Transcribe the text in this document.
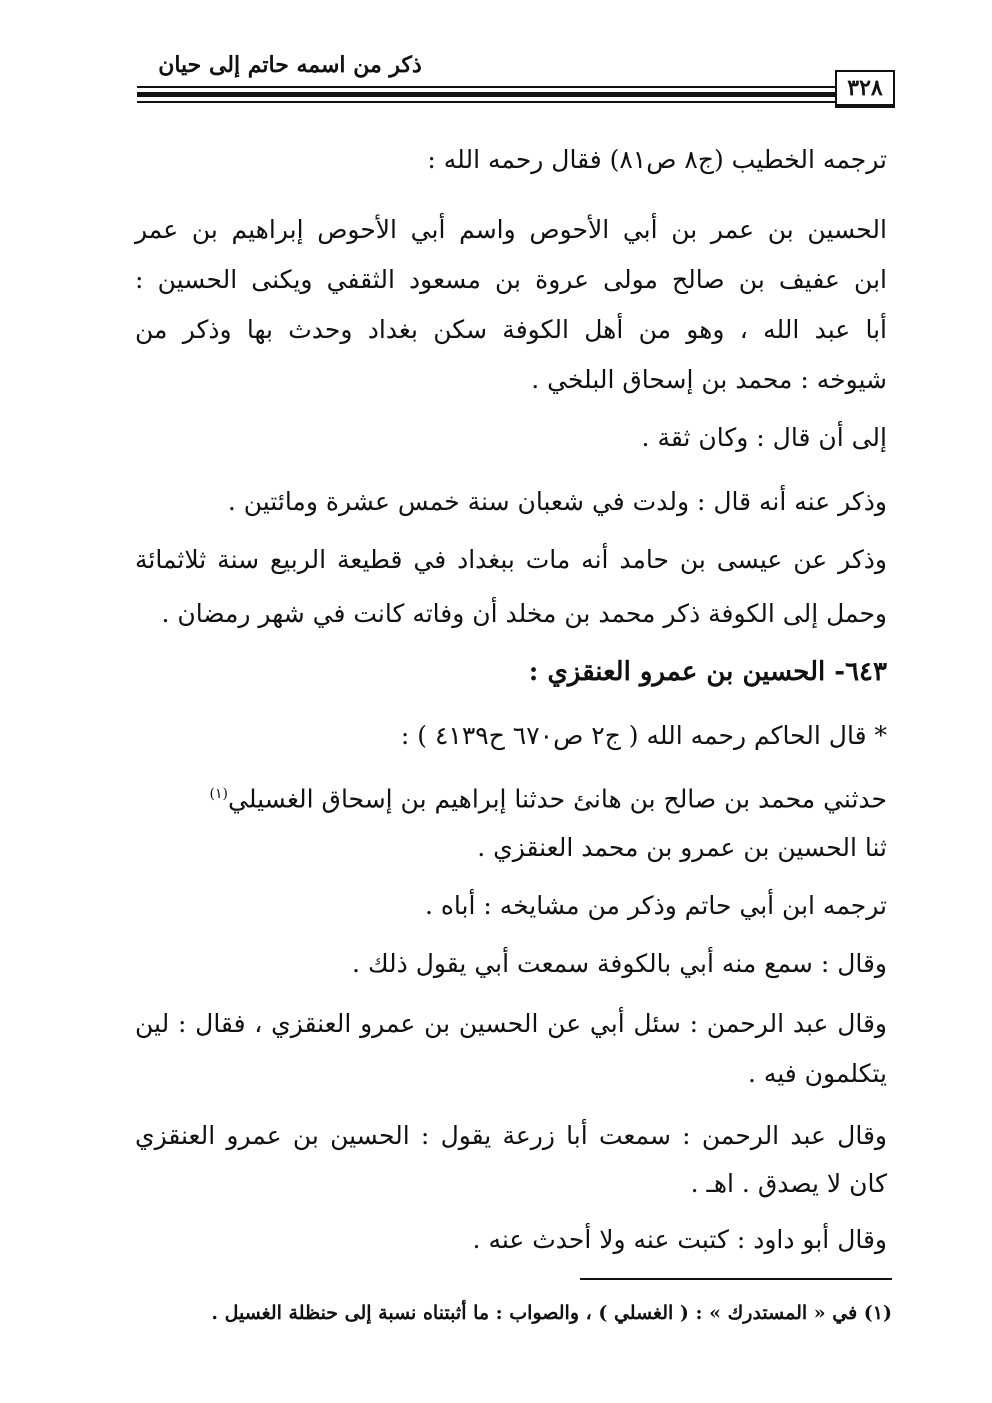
ذكر من اسمه حاتم إلى حيان
٣٢٨
ترجمه الخطيب (ج٨ ص٨١) فقال رحمه الله :
الحسين بن عمر بن أبي الأحوص واسم أبي الأحوص إبراهيم بن عمر
ابن عفيف بن صالح مولى عروة بن مسعود الثقفي ويكنى الحسين :
أبا عبد الله ، وهو من أهل الكوفة سكن بغداد وحدث بها وذكر من
شيوخه : محمد بن إسحاق البلخي .
إلى أن قال : وكان ثقة .
وذكر عنه أنه قال : ولدت في شعبان سنة خمس عشرة ومائتين .
وذكر عن عيسى بن حامد أنه مات ببغداد في قطيعة الربيع سنة ثلاثمائة
وحمل إلى الكوفة ذكر محمد بن مخلد أن وفاته كانت في شهر رمضان .
٦٤٣- الحسين بن عمرو العنقزي :
* قال الحاكم رحمه الله ( ج٢ ص٦٧٠ ح٤١٣٩ ) :
حدثني محمد بن صالح بن هانئ حدثنا إبراهيم بن إسحاق الغسيلي$^{(١)}$
ثنا الحسين بن عمرو بن محمد العنقزي .
ترجمه ابن أبي حاتم وذكر من مشايخه : أباه .
وقال : سمع منه أبي بالكوفة سمعت أبي يقول ذلك .
وقال عبد الرحمن : سئل أبي عن الحسين بن عمرو العنقزي ، فقال : لين
يتكلمون فيه .
وقال عبد الرحمن : سمعت أبا زرعة يقول : الحسين بن عمرو العنقزي
كان لا يصدق . اهـ .
وقال أبو داود : كتبت عنه ولا أحدث عنه .
(١) في « المستدرك » : ( الغسلي ) ، والصواب : ما أثبتناه نسبة إلى حنظلة الغسيل .
